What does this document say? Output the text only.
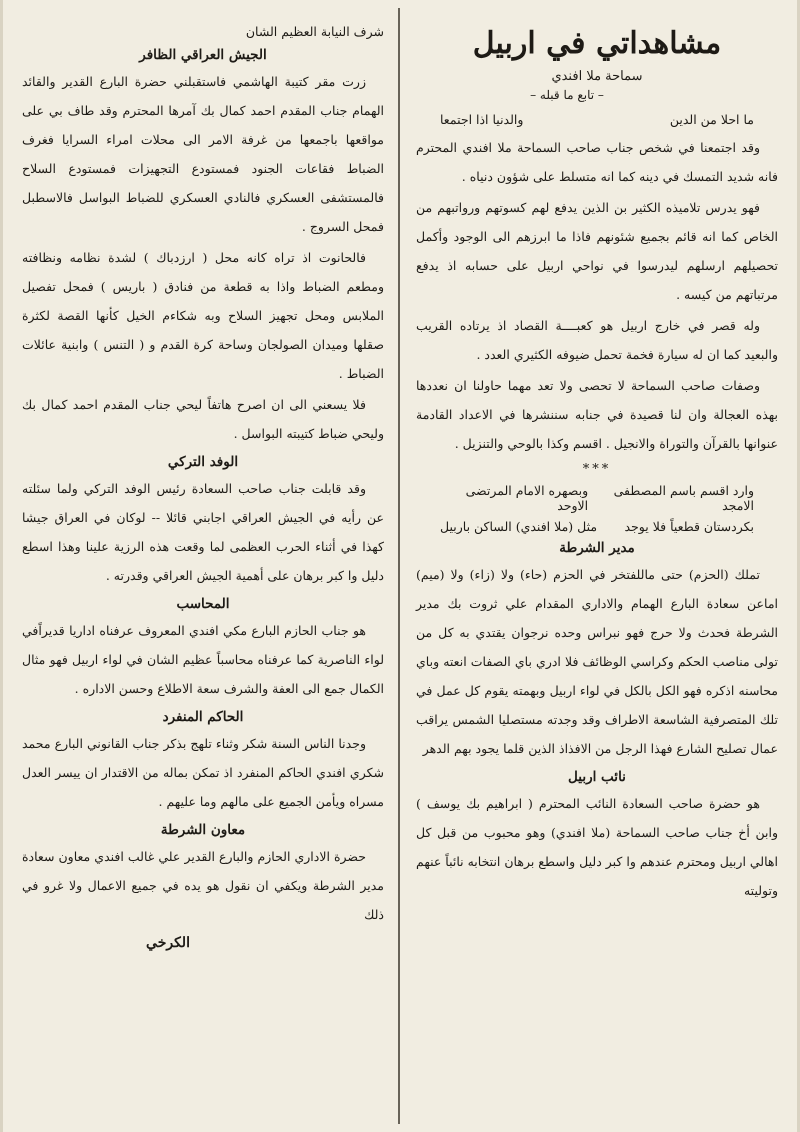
مشاهداتي في اربيل
سماحة ملا افندي
– تابع ما قبله –
ما احلا من الدين
والدنيا اذا اجتمعا

وقد اجتمعنا في شخص جناب صاحب السماحة ملا افندي المحترم فانه شديد التمسك في دينه كما انه متسلط على شؤون دنياه .

فهو يدرس تلاميذه الكثير بن الذين يدفع لهم كسوتهم ورواتبهم من الخاص كما انه قائم بجميع شئونهم فاذا ما ابرزهم الى الوجود وأكمل تحصيلهم ارسلهم ليدرسوا في نواحي اربيل على حسابه اذ يدفع مرتباتهم من كيسه .

وله قصر في خارج اربيل هو كعبــــة القصاد اذ يرتاده القريب والبعيد كما ان له سيارة فخمة تحمل ضيوفه الكثيري العدد .

وصفات صاحب السماحة لا تحصى ولا تعد مهما حاولنا ان نعددها بهذه العجالة وان لنا قصيدة في جنابه سننشرها في الاعداد القادمة عنوانها بالقرآن والتوراة والانجيل . اقسم وكذا بالوحي والتنزيل .

***
وارد اقسم باسم المصطفى الامجد
وبصهره الامام المرتضى الاوحد
بكردستان قطعياً فلا يوجد
مثل (ملا افندي) الساكن باربيل
مدير الشرطة

تملك (الحزم) حتى ماللفتخر في الحزم (حاء) ولا (زاء) ولا (ميم) اماعن سعادة البارع الهمام والاداري المقدام علي ثروت بك مدير الشرطة فحدث ولا حرج فهو نبراس وحده نرجوان يقتدي به كل من تولى مناصب الحكم وكراسي الوظائف فلا ادري باي الصفات انعته وباي محاسنه اذكره فهو الكل بالكل في لواء اربيل وبهمته يقوم كل عمل في تلك المتصرفية الشاسعة الاطراف وقد وجدته مستصليا الشمس يراقب عمال تصليح الشارع فهذا الرجل من الافذاذ الذين قلما يجود بهم الدهر

نائب اربيل

هو حضرة صاحب السعادة النائب المحترم ( ابراهيم بك يوسف ) وابن أخ جناب صاحب السماحة (ملا افندي) وهو محبوب من قبل كل اهالي اربيل ومحترم عندهم وا كبر دليل واسطع برهان انتخابه نائباً عنهم وتوليته

شرف النيابة العظيم الشان
الجيش العراقي الظافر

زرت مقر كتيبة الهاشمي فاستقبلني حضرة البارع القدير والقائد الهمام جناب المقدم احمد كمال بك آمرها المحترم وقد طاف بي على مواقعها باجمعها من غرفة الامر الى محلات امراء السرايا فغرف الضباط فقاعات الجنود فمستودع التجهيزات فمستودع السلاح فالمستشفى العسكري فالنادي العسكري للضباط البواسل فالاسطبل فمحل السروج .

فالحانوت اذ تراه كانه محل ( ارزدباك ) لشدة نظامه ونظافته ومطعم الضباط واذا به قطعة من فنادق ( باريس ) فمحل تفصيل الملابس ومحل تجهيز السلاح وبه شكاءم الخيل كأنها القصة لكثرة صقلها وميدان الصولجان وساحة كرة القدم و ( التنس ) وابنية عائلات الضباط .

فلا يسعني الى ان اصرح هاتفاً ليحي جناب المقدم احمد كمال بك وليحي ضباط كتيبته البواسل .

الوفد التركي

وقد قابلت جناب صاحب السعادة رئيس الوفد التركي ولما سئلته عن رأيه في الجيش العراقي اجابني قائلا -- لوكان في العراق جيشا كهذا في أثناء الحرب العظمى لما وقعت هذه الرزية علينا وهذا اسطع دليل وا كبر برهان على أهمية الجيش العراقي وقدرته .

المحاسب

هو جناب الحازم البارع مكي افندي المعروف عرفناه اداريا قديراًفي لواء الناصرية كما عرفناه محاسباً عظيم الشان في لواء اربيل فهو مثال الكمال جمع الى العفة والشرف سعة الاطلاع وحسن الاداره .

الحاكم المنفرد

وجدنا الناس السنة شكر وثناء تلهج بذكر جناب القانوني البارع محمد شكري افندي الحاكم المنفرد اذ تمكن بماله من الاقتدار ان ييسر العدل مسراه ويأمن الجميع على مالهم وما عليهم .

معاون الشرطة

حضرة الاداري الحازم والبارع القدير علي غالب افندي معاون سعادة مدير الشرطة ويكفي ان نقول هو يده في جميع الاعمال ولا غرو في ذلك

الكرخي
